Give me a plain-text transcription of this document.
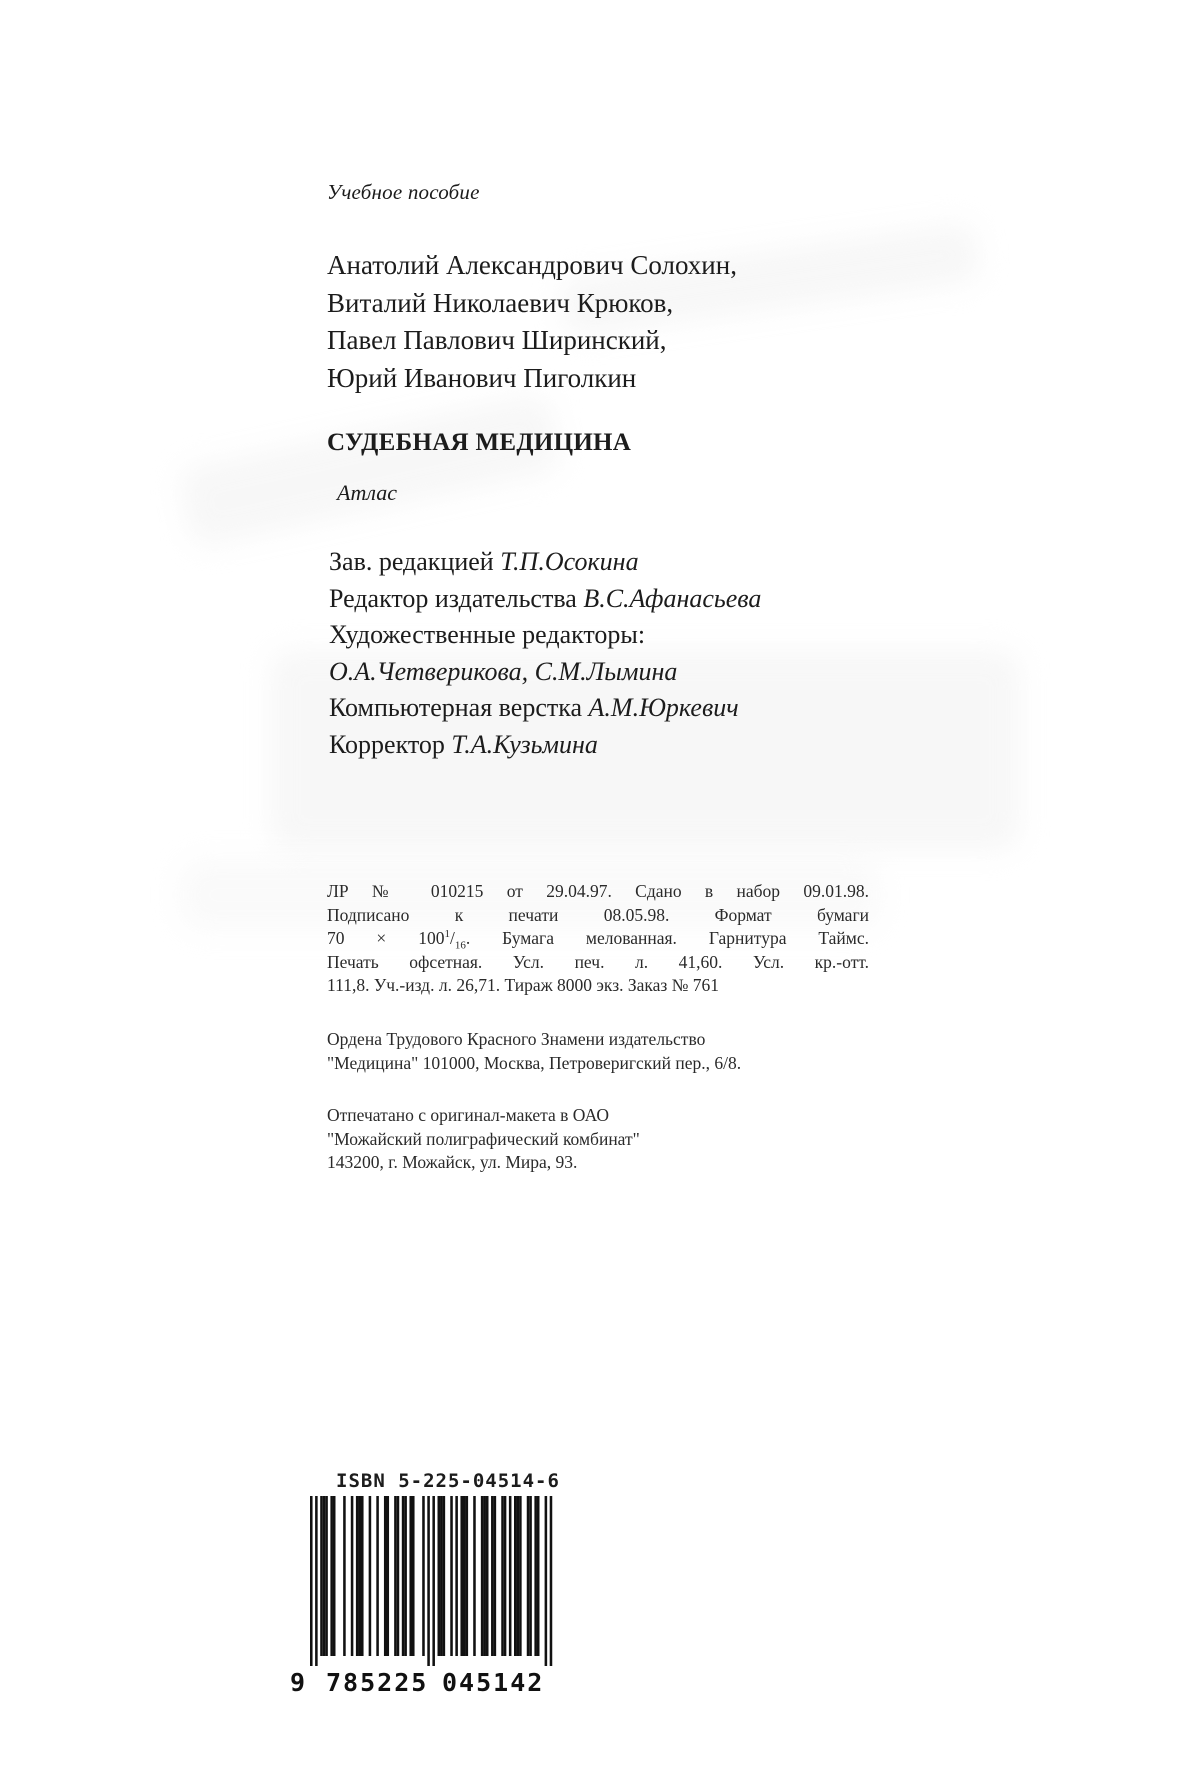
Учебное пособие
Анатолий Александрович Солохин,
Виталий Николаевич Крюков,
Павел Павлович Ширинский,
Юрий Иванович Пиголкин
СУДЕБНАЯ МЕДИЦИНА
Атлас
Зав. редакцией Т.П.Осокина
Редактор издательства В.С.Афанасьева
Художественные редакторы:
О.А.Четверикова, С.М.Лымина
Компьютерная верстка А.М.Юркевич
Корректор Т.А.Кузьмина
ЛР № 010215 от 29.04.97. Сдано в набор 09.01.98.
Подписано к печати 08.05.98. Формат бумаги
$70 \times 100^1/_{16}$. Бумага мелованная. Гарнитура Таймс.
Печать офсетная. Усл. печ. л. 41,60. Усл. кр.-отт.
111,8. Уч.-изд. л. 26,71. Тираж 8000 экз. Заказ № 761
Ордена Трудового Красного Знамени издательство
"Медицина" 101000, Москва, Петроверигский пер., 6/8.
Отпечатано с оригинал-макета в ОАО
"Можайский полиграфический комбинат"
143200, г. Можайск, ул. Мира, 93.
ISBN 5-225-04514-6
9 785225 045142
